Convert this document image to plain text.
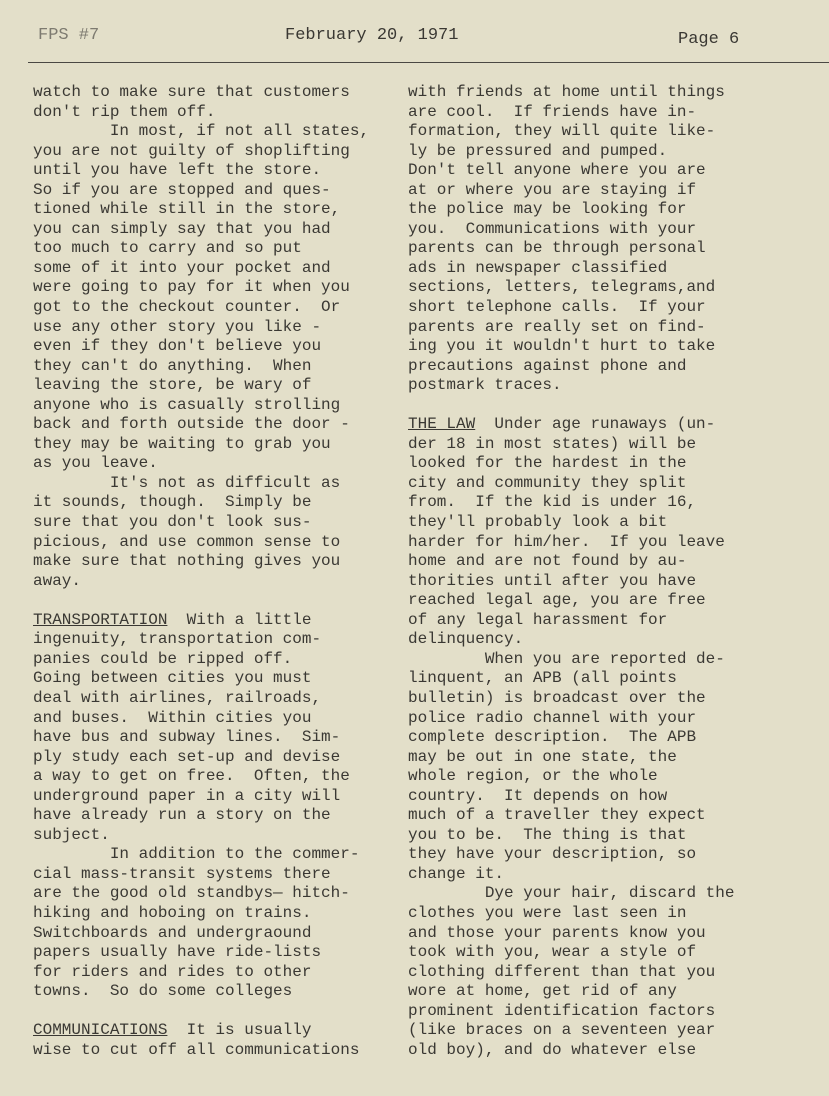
FPS #7	February 20, 1971	Page 6

watch to make sure that customers
don't rip them off.

In most, if not all states,
you are not guilty of shoplifting
until you have left the store.
So if you are stopped and ques-
tioned while still in the store,
you can simply say that you had
too much to carry and so put
some of it into your pocket and
were going to pay for it when you
got to the checkout counter.  Or
use any other story you like -
even if they don't believe you
they can't do anything.  When
leaving the store, be wary of
anyone who is casually strolling
back and forth outside the door -
they may be waiting to grab you
as you leave.

It's not as difficult as
it sounds, though.  Simply be
sure that you don't look sus-
picious, and use common sense to
make sure that nothing gives you
away.

TRANSPORTATION  With a little
ingenuity, transportation com-
panies could be ripped off.
Going between cities you must
deal with airlines, railroads,
and buses.  Within cities you
have bus and subway lines.  Sim-
ply study each set-up and devise
a way to get on free.  Often, the
underground paper in a city will
have already run a story on the
subject.

In addition to the commer-
cial mass-transit systems there
are the good old standbys— hitch-
hiking and hoboing on trains.
Switchboards and undergraound
papers usually have ride-lists
for riders and rides to other
towns.  So do some colleges

COMMUNICATIONS  It is usually
wise to cut off all communications

with friends at home until things
are cool.  If friends have in-
formation, they will quite like-
ly be pressured and pumped.
Don't tell anyone where you are
at or where you are staying if
the police may be looking for
you.  Communications with your
parents can be through personal
ads in newspaper classified
sections, letters, telegrams,and
short telephone calls.  If your
parents are really set on find-
ing you it wouldn't hurt to take
precautions against phone and
postmark traces.

THE LAW  Under age runaways (un-
der 18 in most states) will be
looked for the hardest in the
city and community they split
from.  If the kid is under 16,
they'll probably look a bit
harder for him/her.  If you leave
home and are not found by au-
thorities until after you have
reached legal age, you are free
of any legal harassment for
delinquency.

When you are reported de-
linquent, an APB (all points
bulletin) is broadcast over the
police radio channel with your
complete description.  The APB
may be out in one state, the
whole region, or the whole
country.  It depends on how
much of a traveller they expect
you to be.  The thing is that
they have your description, so
change it.

Dye your hair, discard the
clothes you were last seen in
and those your parents know you
took with you, wear a style of
clothing different than that you
wore at home, get rid of any
prominent identification factors
(like braces on a seventeen year
old boy), and do whatever else
